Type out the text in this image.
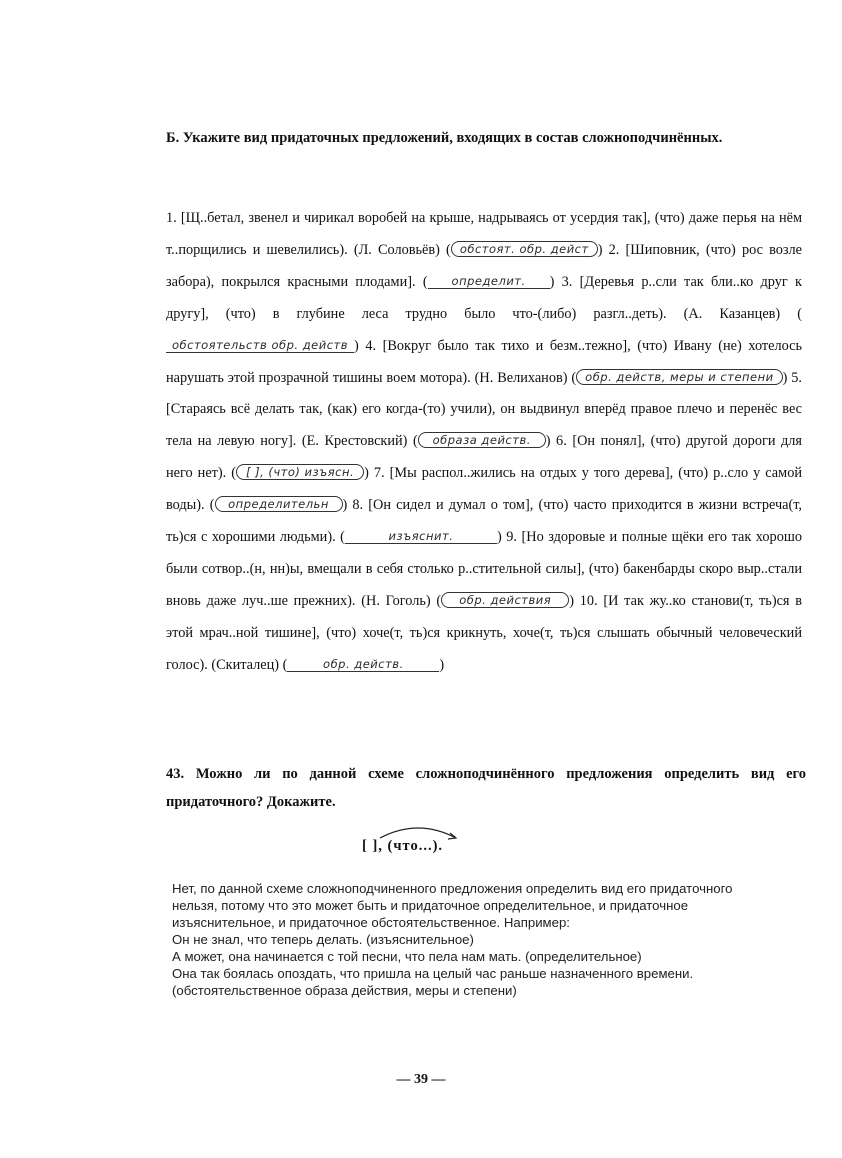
Б. Укажите вид придаточных предложений, входящих в состав сложноподчинённых.
1. [Щ..бетал, звенел и чирикал воробей на крыше, надрываясь от усердия так], (что) даже перья на нём т..порщились и шевелились). (Л. Соловьёв) ( обстоят. обр. дейст ) 2. [Шиповник, (что) рос возле забора), покрылся красными плодами]. ( определит. ) 3. [Деревья р..сли так бли..ко друг к другу], (что) в глубине леса трудно было что-(либо) разгл..деть). (А. Казанцев) (обстоятельств обр. действ ) 4. [Вокруг было так тихо и безм..тежно], (что) Ивану (не) хотелось нарушать этой прозрачной тишины воем мотора). (Н. Велиханов) ( обр. действ, меры и степени ) 5. [Стараясь всё делать так, (как) его когда-(то) учили), он выдвинул вперёд правое плечо и перенёс вес тела на левую ногу]. (Е. Крестовский) ( образа действ. ) 6. [Он понял], (что) другой дороги для него нет). ( [ ], (что) изъясн. ) 7. [Мы распол..жились на отдых у того дерева], (что) р..сло у самой воды). ( определительн ) 8. [Он сидел и думал о том], (что) часто приходится в жизни встреча(т, ть)ся с хорошими людьми). (	изъяснит.	) 9. [Но здоровые и полные щёки его так хорошо были сотвор..(н, нн)ы, вмещали в себя столько р..стительной силы], (что) бакенбарды скоро выр..стали вновь даже луч..ше прежних). (Н. Гоголь) ( обр. действия ) 10. [И так жу..ко станови(т, ть)ся в этой мрач..ной тишине], (что) хоче(т, ть)ся крикнуть, хоче(т, ть)ся слышать обычный человеческий голос). (Скиталец) (	обр. действ. )
43. Можно ли по данной схеме сложноподчинённого предложения определить вид его придаточного? Докажите.
[ ], (что...).

Нет, по данной схеме сложноподчиненного предложения определить вид его придаточного

нельзя, потому что это может быть и придаточное определительное, и придаточное

изъяснительное, и придаточное обстоятельственное. Например:

Он не знал, что теперь делать. (изъяснительное)

А может, она начинается с той песни, что пела нам мать. (определительное)

Она так боялась опоздать, что пришла на целый час раньше назначенного времени.

(обстоятельственное образа действия, меры и степени)

— 39 —
